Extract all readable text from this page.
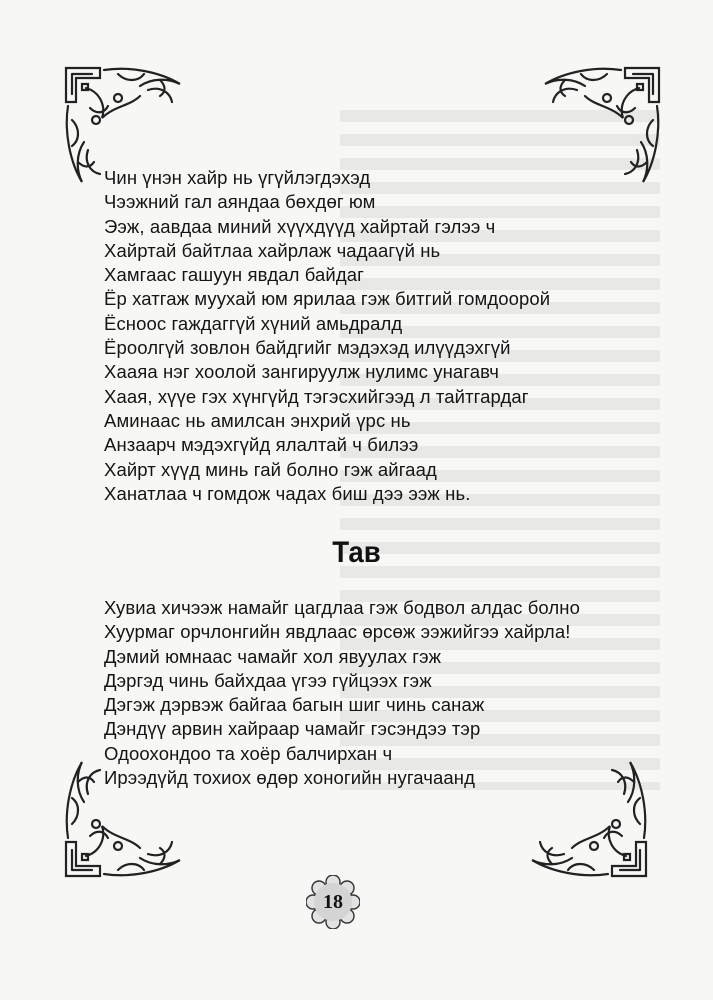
Чин үнэн хайр нь үгүйлэгдэхэд
Чээжний гал аяндаа бөхдөг юм
Ээж, аавдаа миний хүүхдүүд хайртай гэлээ ч
Хайртай байтлаа хайрлаж чадаагүй нь
Хамгаас гашуун явдал байдаг
Ёр хатгаж муухай юм ярилаа гэж битгий гомдоорой
Ёсноос гаждаггүй хүний амьдралд
Ёроолгүй зовлон байдгийг мэдэхэд илүүдэхгүй
Хааяа нэг хоолой зангируулж нулимс унагавч
Хаая, хүүе гэх хүнгүйд тэгэсхийгээд л тайтгардаг
Аминаас нь амилсан энхрий үрс нь
Анзаарч мэдэхгүйд ялалтай ч билээ
Хайрт хүүд минь гай болно гэж айгаад
Ханатлаа ч гомдож чадах биш дээ ээж нь.
Тав
Хувиа хичээж намайг цагдлаа гэж бодвол алдас болно
Хуурмаг орчлонгийн явдлаас өрсөж ээжийгээ хайрла!
Дэмий юмнаас чамайг хол явуулах гэж
Дэргэд чинь байхдаа үгээ гүйцээх гэж
Дэгэж дэрвэж байгаа багын шиг чинь санаж
Дэндүү арвин хайраар чамайг гэсэндээ тэр
Одоохондоо та хоёр балчирхан ч
Ирээдүйд тохиох өдөр хоногийн нугачаанд
18
